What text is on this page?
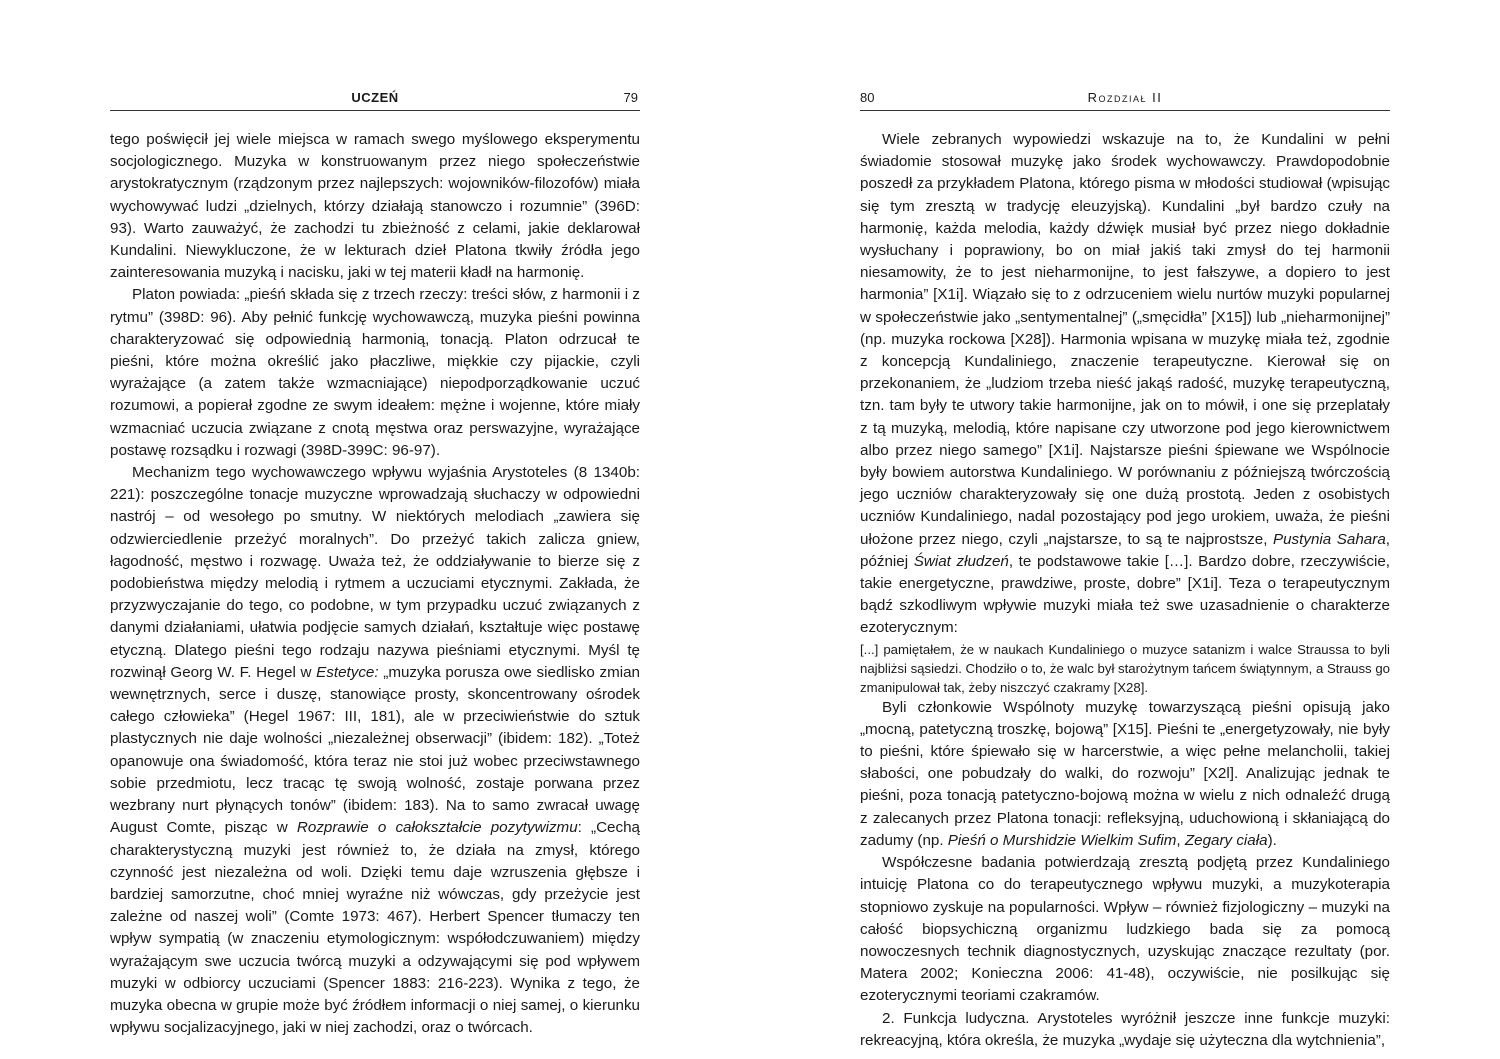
UCZEŃ	79

tego poświęcił jej wiele miejsca w ramach swego myślowego eksperymentu socjologicznego. Muzyka w konstruowanym przez niego społeczeństwie arystokratycznym (rządzonym przez najlepszych: wojowników-filozofów) miała wychowywać ludzi „dzielnych, którzy działają stanowczo i rozumnie” (396D: 93). Warto zauważyć, że zachodzi tu zbieżność z celami, jakie deklarował Kundalini. Niewykluczone, że w lekturach dzieł Platona tkwiły źródła jego zainteresowania muzyką i nacisku, jaki w tej materii kładł na harmonię.

Platon powiada: „pieśń składa się z trzech rzeczy: treści słów, z harmonii i z rytmu” (398D: 96). Aby pełnić funkcję wychowawczą, muzyka pieśni powinna charakteryzować się odpowiednią harmonią, tonacją. Platon odrzucał te pieśni, które można określić jako płaczliwe, miękkie czy pijackie, czyli wyrażające (a zatem także wzmacniające) niepodporządkowanie uczuć rozumowi, a popierał zgodne ze swym ideałem: mężne i wojenne, które miały wzmacniać uczucia związane z cnotą męstwa oraz perswazyjne, wyrażające postawę rozsądku i rozwagi (398D-399C: 96-97).

Mechanizm tego wychowawczego wpływu wyjaśnia Arystoteles (8 1340b: 221): poszczególne tonacje muzyczne wprowadzają słuchaczy w odpowiedni nastrój – od wesołego po smutny. W niektórych melodiach „zawiera się odzwierciedlenie przeżyć moralnych”. Do przeżyć takich zalicza gniew, łagodność, męstwo i rozwagę. Uważa też, że oddziaływanie to bierze się z podobieństwa między melodią i rytmem a uczuciami etycznymi. Zakłada, że przyzwyczajanie do tego, co podobne, w tym przypadku uczuć związanych z danymi działaniami, ułatwia podjęcie samych działań, kształtuje więc postawę etyczną. Dlatego pieśni tego rodzaju nazywa pieśniami etycznymi. Myśl tę rozwinął Georg W. F. Hegel w Estetyce: „muzyka porusza owe siedlisko zmian wewnętrznych, serce i duszę, stanowiące prosty, skoncentrowany ośrodek całego człowieka” (Hegel 1967: III, 181), ale w przeciwieństwie do sztuk plastycznych nie daje wolności „niezależnej obserwacji” (ibidem: 182). „Toteż opanowuje ona świadomość, która teraz nie stoi już wobec przeciwstawnego sobie przedmiotu, lecz tracąc tę swoją wolność, zostaje porwana przez wezbrany nurt płynących tonów” (ibidem: 183). Na to samo zwracał uwagę August Comte, pisząc w Rozprawie o całokształcie pozytywizmu: „Cechą charakterystyczną muzyki jest również to, że działa na zmysł, którego czynność jest niezależna od woli. Dzięki temu daje wzruszenia głębsze i bardziej samorzutne, choć mniej wyraźne niż wówczas, gdy przeżycie jest zależne od naszej woli” (Comte 1973: 467). Herbert Spencer tłumaczy ten wpływ sympatią (w znaczeniu etymologicznym: współodczuwaniem) między wyrażającym swe uczucia twórcą muzyki a odzywającymi się pod wpływem muzyki w odbiorcy uczuciami (Spencer 1883: 216-223). Wynika z tego, że muzyka obecna w grupie może być źródłem informacji o niej samej, o kierunku wpływu socjalizacyjnego, jaki w niej zachodzi, oraz o twórcach.

80	Rozdział II

Wiele zebranych wypowiedzi wskazuje na to, że Kundalini w pełni świadomie stosował muzykę jako środek wychowawczy. Prawdopodobnie poszedł za przykładem Platona, którego pisma w młodości studiował (wpisując się tym zresztą w tradycję eleuzyjską). Kundalini „był bardzo czuły na harmonię, każda melodia, każdy dźwięk musiał być przez niego dokładnie wysłuchany i poprawiony, bo on miał jakiś taki zmysł do tej harmonii niesamowity, że to jest nieharmonijne, to jest fałszywe, a dopiero to jest harmonia” [X1i]. Wiązało się to z odrzuceniem wielu nurtów muzyki popularnej w społeczeństwie jako „sentymentalnej” („smęcidła” [X15]) lub „nieharmonijnej” (np. muzyka rockowa [X28]). Harmonia wpisana w muzykę miała też, zgodnie z koncepcją Kundaliniego, znaczenie terapeutyczne. Kierował się on przekonaniem, że „ludziom trzeba nieść jakąś radość, muzykę terapeutyczną, tzn. tam były te utwory takie harmonijne, jak on to mówił, i one się przeplatały z tą muzyką, melodią, które napisane czy utworzone pod jego kierownictwem albo przez niego samego” [X1i]. Najstarsze pieśni śpiewane we Wspólnocie były bowiem autorstwa Kundaliniego. W porównaniu z późniejszą twórczością jego uczniów charakteryzowały się one dużą prostotą. Jeden z osobistych uczniów Kundaliniego, nadal pozostający pod jego urokiem, uważa, że pieśni ułożone przez niego, czyli „najstarsze, to są te najprostsze, Pustynia Sahara, później Świat złudzeń, te podstawowe takie […]. Bardzo dobre, rzeczywiście, takie energetyczne, prawdziwe, proste, dobre” [X1i]. Teza o terapeutycznym bądź szkodliwym wpływie muzyki miała też swe uzasadnienie o charakterze ezoterycznym:

[...] pamiętałem, że w naukach Kundaliniego o muzyce satanizm i walce Straussa to byli najbliżsi sąsiedzi. Chodziło o to, że walc był starożytnym tańcem świątynnym, a Strauss go zmanipulował tak, żeby niszczyć czakramy [X28].

Byli członkowie Wspólnoty muzykę towarzyszącą pieśni opisują jako „mocną, patetyczną troszkę, bojową” [X15]. Pieśni te „energetyzowały, nie były to pieśni, które śpiewało się w harcerstwie, a więc pełne melancholii, takiej słabości, one pobudzały do walki, do rozwoju” [X2l]. Analizując jednak te pieśni, poza tonacją patetyczno-bojową można w wielu z nich odnaleźć drugą z zalecanych przez Platona tonacji: refleksyjną, uduchowioną i skłaniającą do zadumy (np. Pieśń o Murshidzie Wielkim Sufim, Zegary ciała).

Współczesne badania potwierdzają zresztą podjętą przez Kundaliniego intuicję Platona co do terapeutycznego wpływu muzyki, a muzykoterapia stopniowo zyskuje na popularności. Wpływ – również fizjologiczny – muzyki na całość biopsychiczną organizmu ludzkiego bada się za pomocą nowoczesnych technik diagnostycznych, uzyskując znaczące rezultaty (por. Matera 2002; Konieczna 2006: 41-48), oczywiście, nie posilkując się ezoterycznymi teoriami czakramów.

2. Funkcja ludyczna. Arystoteles wyróżnił jeszcze inne funkcje muzyki: rekreacyjną, która określa, że muzyka „wydaje się użyteczna dla wytchnienia”,
